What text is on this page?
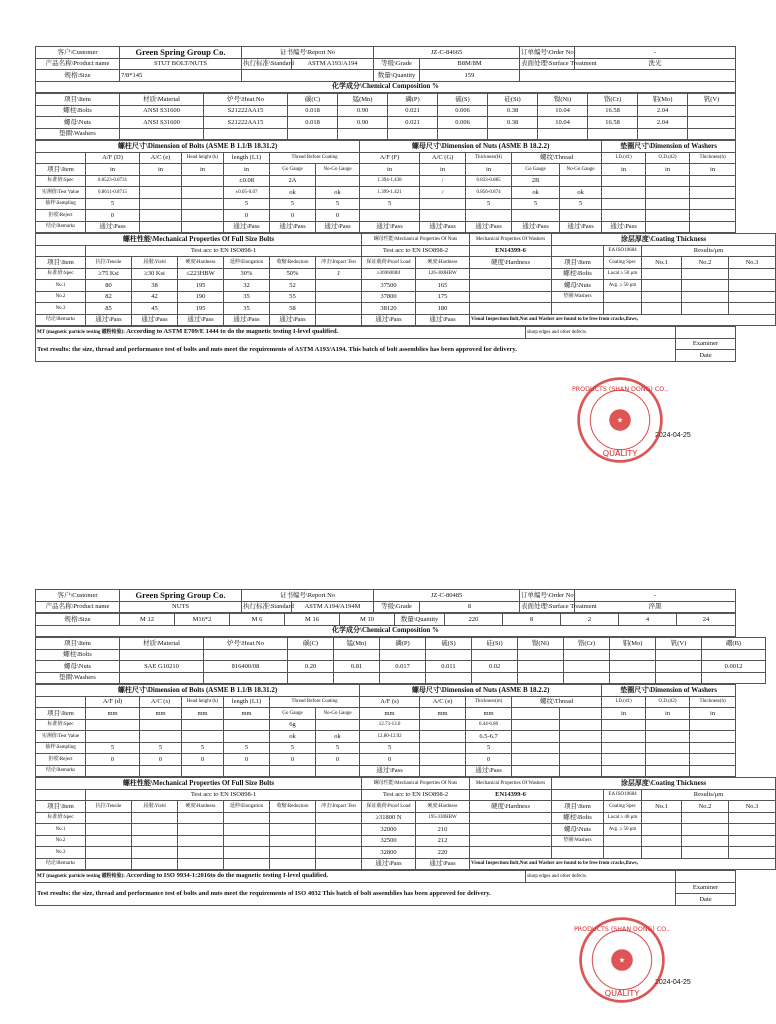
客户\Customer	Green Spring Group Co.	证书编号\Report No		JZ-C-84665		订单编号\Order No	-
产品名称\Product name	STUT BOLT/NUTS	执行标准\Standard	ASTM A193/A194	等级\Grade	B8M/8M	表面处理\Surface Treatment	洗光
规格\Size	7/8*145			数量\Quantity	159		
化学成分\Chemical Composition %							
项目\Item	材质\Material	炉号\Heat No	碳(C)	锰(Mn)	磷(P)	硫(S)	硅(Si)	镍(Ni)	铬(Cr)	钼(Mo)	钒(V)
螺柱\Bolts	ANSI S31600	S21222AA15	0.018	0.90	0.021	0.006	0.38	10.04	16.58	2.04	
螺母\Nuts	ANSI S31600	S21222AA15	0.018	0.90	0.021	0.006	0.38	10.04	16.58	2.04	
垫圈\Washers											
螺柱尺寸\Dimension of Bolts (ASME B 1.1/B 18.31.2)							螺母尺寸\Dimension of Nuts (ASME B 18.2.2)					垫圈尺寸\Dimension of Washers		
	A/F (D)	A/C (e)	Head height (k)	length (L1)	Thread Before Coating		A/F (F)	A/C (G)	Thickness(H)	螺纹\Thread		I.D.(d1)	O.D.(d2)	Thickness(h)
项目\Item	in	in	in	in	Go Gauge	No-Go Gauge	in	in	in	Go Gauge	No-Go Gauge	in	in	in
标准值\Spec	0.8523-0.8731			±0.08	2A		1.394-1.438	/	0.833-0.885	2B				
实测值\Test Value	0.8611-0.8715			±0.05-0.07	ok	ok	1.399-1.421	/	0.856-0.874	ok	ok			
抽样\Sampling	5			5	5	5	5		5	5	5			
拒收\Reject	0			0	0	0								
结论\Remarks	通过\Pass			通过\Pass	通过\Pass	通过\Pass	通过\Pass	通过\Pass	通过\Pass	通过\Pass	通过\Pass	通过\Pass		
螺柱性能\Mechanical Properties Of Full Size Bolts							螺母性能\Mechanical Properties Of Nuts		Mechanical Properties Of Washers	涂层厚度\Coating Thickness				
	Test acc to EN ISO898-1						Test acc to EN ISO898-2		EN14399-6		EA ISO10684	Results/μm		
项目\Item	抗拉\Tensile	屈服\Yield	硬度\Hardness	延伸\Elongation	收缩\Reduction	冲击\Impact Test	保证载荷\Proof Load	硬度\Hardness	硬度\Hardness	项目\Item	Coating Spec	No.1	No.2	No.3
标准值\Spec	≥75 Ksi	≥30 Ksi	≤223HBW	30%	50%	J	≥369600lbf	126-300HBW		螺柱\Bolts	Local ≥ 50 μm			
No.1	80	38	195	32	52		37500	165		螺母\Nuts	Avg. ≥ 50 μm			
No.2	82	42	190	35	55		37800	175		垫圈\Washers				
No.3	85	45	195	35	58		38120	180						
结论\Remarks	通过\Pass	通过\Pass	通过\Pass	通过\Pass	通过\Pass		通过\Pass	通过\Pass	Visual Inspection:Bolt,Nut and Washer are found to be free from cracks,flaws,					
MT (magnetic particle testing 磁粉检验): According to ASTM E709/E 1444 to do the magnetic testing I-level qualified.	sharp edges and other defects.	
Test results: the size, thread and performance test of bolts and nuts meet the requirements of ASTM A193/A194. This batch of bolt assemblies has been approved for delivery.		Examiner
		Date
2024-04-25
客户\Customer	Green Spring Group Co.	证书编号\Report No		JZ-C-80485		订单编号\Order No	-
产品名称\Product name	NUTS	执行标准\Standard	ASTM A194/A194M	等级\Grade	8	表面处理\Surface Treatment	淬黑
规格\Size	M 12	M16*2	M 6	M 16	M 10	数量\Quantity	220	8	2	4	24
化学成分\Chemical Composition %
项目\Item	材质\Material	炉号\Heat No	碳(C)	锰(Mn)	磷(P)	硫(S)	硅(Si)	镍(Ni)	铬(Cr)	钼(Mo)	钒(V)	硼(B)
螺柱\Bolts												
螺母\Nuts	SAE G10210	816400/08	0.20	0.81	0.017	0.011	0.02					0.0012
垫圈\Washers												
螺柱尺寸\Dimension of Bolts (ASME B 1.1/B 18.31.2)							螺母尺寸\Dimension of Nuts (ASME B 18.2.2)					垫圈尺寸\Dimension of Washers		
	A/F (d)	A/C (s)	Head height (k)	length (L1)	Thread Before Coating		A/F (s)	A/C (e)	Thickness(m)	螺纹\Thread		I.D.(d1)	O.D.(d2)	Thickness(h)
项目\Item	mm	mm	mm	mm	Go Gauge	No-Go Gauge	mm	mm	mm			in	in	in
标准值\Spec					6g		12.73-13.0		6.44-6.80					
实测值\Test Value					ok	ok	12.80-12.92		6.5-6.7					
抽样\Sampling	5	5	5	5	5	5	5		5					
拒收\Reject	0	0	0	0	0	0	0		0					
结论\Remarks							通过\Pass		通过\Pass					
螺柱性能\Mechanical Properties Of Full Size Bolts							螺母性能\Mechanical Properties Of Nuts		Mechanical Properties Of Washers	涂层厚度\Coating Thickness				
	Test acc to EN ISO898-1						Test acc to EN ISO898-2		EN14399-6		EA ISO10684	Results/μm		
项目\Item	抗拉\Tensile	屈服\Yield	硬度\Hardness	延伸\Elongation	收缩\Reduction	冲击\Impact Test	保证载荷\Proof Load	硬度\Hardness	硬度\Hardness	项目\Item	Coating Spec	No.1	No.2	No.3
标准值\Spec							≥31800 N	195-330HBW		螺柱\Bolts	Local ≥ 40 μm			
No.1							32000	210		螺母\Nuts	Avg. ≥ 50 μm			
No.2							32500	212		垫圈\Washers				
No.3							32800	220						
结论\Remarks							通过\Pass	通过\Pass	Visual Inspection:Bolt,Nut and Washer are found to be free from cracks,flaws,					
MT (magnetic particle testing 磁粉检验): According to ISO 9934-1:2016to do the magnetic testing I-level qualified.	sharp edges and other defects.	
Test results: the size, thread and performance test of bolts and nuts meet the requirements of ISO 4032 This batch of bolt assemblies has been approved for delivery.		Examiner
		Date
2024-04-25
★
QUALITY
PRODUCTS (SHAN DONG) CO.,
★
QUALITY
PRODUCTS (SHAN DONG) CO.,
